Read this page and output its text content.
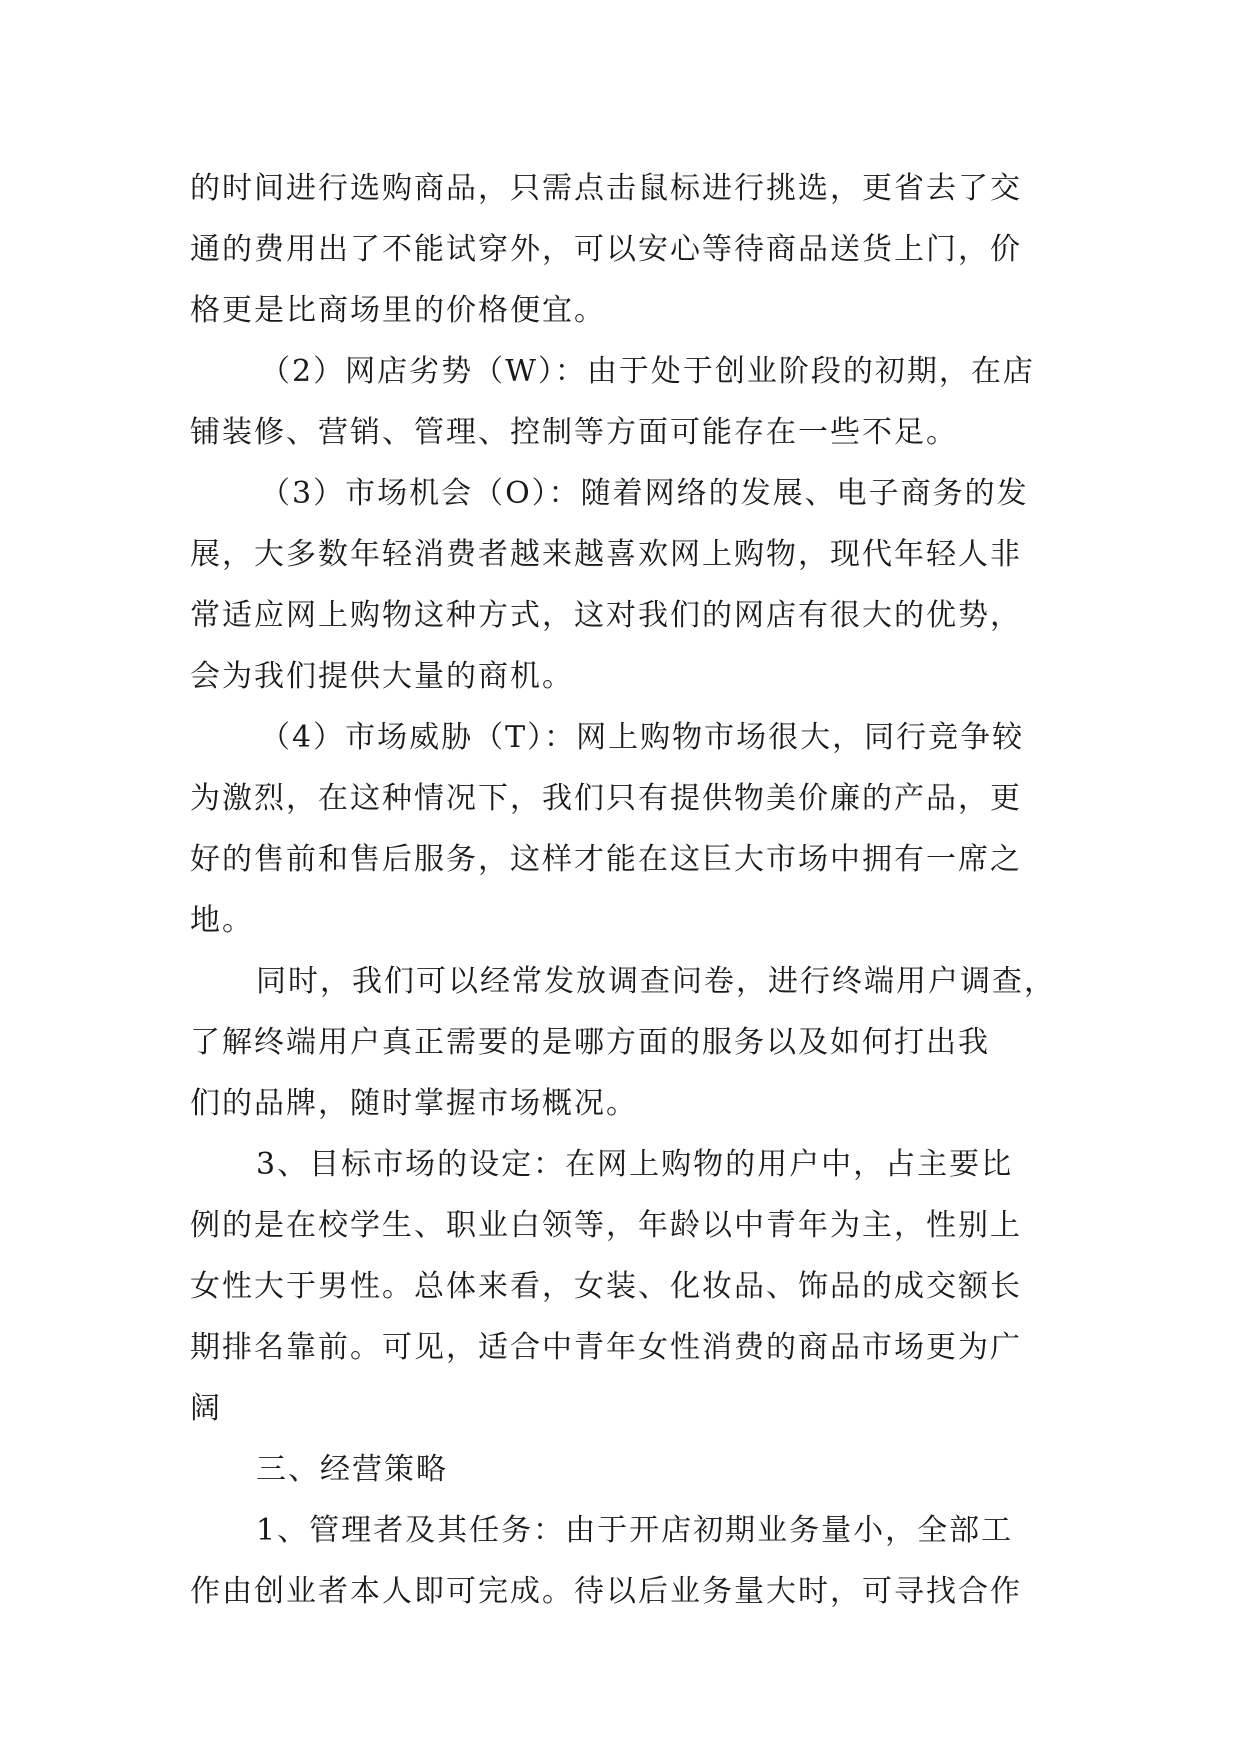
的时间进行选购商品，只需点击鼠标进行挑选，更省去了交
通的费用出了不能试穿外，可以安心等待商品送货上门，价
格更是比商场里的价格便宜。
（2）网店劣势（W）：由于处于创业阶段的初期，在店
铺装修、营销、管理、控制等方面可能存在一些不足。
（3）市场机会（O）：随着网络的发展、电子商务的发
展，大多数年轻消费者越来越喜欢网上购物，现代年轻人非
常适应网上购物这种方式，这对我们的网店有很大的优势，
会为我们提供大量的商机。
（4）市场威胁（T）：网上购物市场很大，同行竞争较
为激烈，在这种情况下，我们只有提供物美价廉的产品，更
好的售前和售后服务，这样才能在这巨大市场中拥有一席之
地。
同时，我们可以经常发放调查问卷，进行终端用户调查，
了解终端用户真正需要的是哪方面的服务以及如何打出我
们的品牌，随时掌握市场概况。
3、目标市场的设定：在网上购物的用户中，占主要比
例的是在校学生、职业白领等，年龄以中青年为主，性别上
女性大于男性。总体来看，女装、化妆品、饰品的成交额长
期排名靠前。可见，适合中青年女性消费的商品市场更为广
阔
三、经营策略
1、管理者及其任务：由于开店初期业务量小，全部工
作由创业者本人即可完成。待以后业务量大时，可寻找合作
